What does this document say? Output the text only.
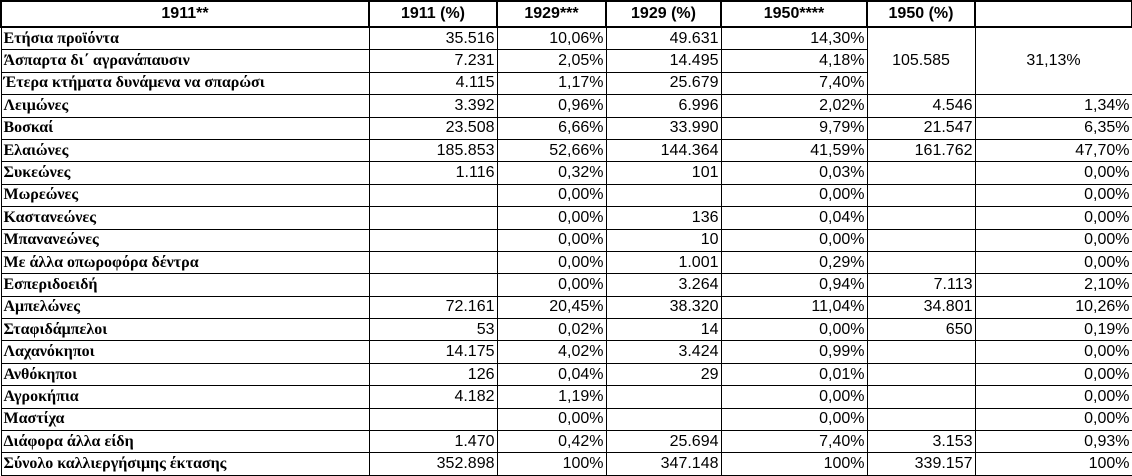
1911**	1911 (%)	1929***	1929 (%)	1950****	1950 (%)	
Ετήσια προϊόντα	35.516	10,06%	49.631	14,30%	105.585	31,13%
Άσπαρτα δι΄ αγρανάπαυσιν	7.231	2,05%	14.495	4,18%		
Έτερα κτήματα δυνάμενα να σπαρώσι	4.115	1,17%	25.679	7,40%		
Λειμώνες	3.392	0,96%	6.996	2,02%	4.546	1,34%
Βοσκαί	23.508	6,66%	33.990	9,79%	21.547	6,35%
Ελαιώνες	185.853	52,66%	144.364	41,59%	161.762	47,70%
Συκεώνες	1.116	0,32%	101	0,03%		0,00%
Μωρεώνες		0,00%		0,00%		0,00%
Καστανεώνες		0,00%	136	0,04%		0,00%
Μπανανεώνες		0,00%	10	0,00%		0,00%
Με άλλα οπωροφόρα δέντρα		0,00%	1.001	0,29%		0,00%
Εσπεριδοειδή		0,00%	3.264	0,94%	7.113	2,10%
Αμπελώνες	72.161	20,45%	38.320	11,04%	34.801	10,26%
Σταφιδάμπελοι	53	0,02%	14	0,00%	650	0,19%
Λαχανόκηποι	14.175	4,02%	3.424	0,99%		0,00%
Ανθόκηποι	126	0,04%	29	0,01%		0,00%
Αγροκήπια	4.182	1,19%		0,00%		0,00%
Μαστίχα		0,00%		0,00%		0,00%
Διάφορα άλλα είδη	1.470	0,42%	25.694	7,40%	3.153	0,93%
Σύνολο καλλιεργήσιμης έκτασης	352.898	100%	347.148	100%	339.157	100%
